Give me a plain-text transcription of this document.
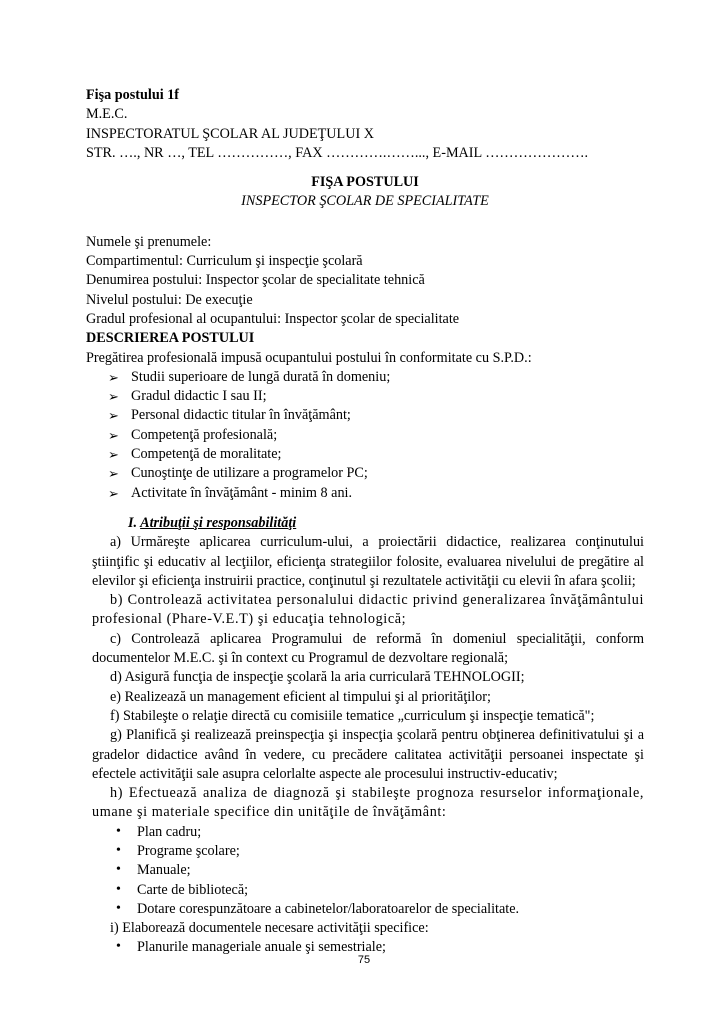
Fişa postului 1f
M.E.C.
INSPECTORATUL ŞCOLAR AL JUDEŢULUI X
STR. …., NR …, TEL ……………, FAX ………….……..., E-MAIL ………………….
FIŞA POSTULUI
INSPECTOR ŞCOLAR DE SPECIALITATE
Numele şi prenumele:
Compartimentul: Curriculum şi inspecţie şcolară
Denumirea postului: Inspector şcolar de specialitate tehnică
Nivelul postului: De execuţie
Gradul profesional al ocupantului: Inspector şcolar de specialitate
DESCRIEREA POSTULUI
Pregătirea profesională impusă ocupantului postului în conformitate cu S.P.D.:
➢ Studii superioare de lungă durată în domeniu;
➢ Gradul didactic I sau II;
➢ Personal didactic titular în învăţământ;
➢ Competenţă profesională;
➢ Competenţă de moralitate;
➢ Cunoştinţe de utilizare a programelor PC;
➢ Activitate în învăţământ - minim 8 ani.
I. Atribuţii şi responsabilităţi
a) Urmăreşte aplicarea curriculum-ului, a proiectării didactice, realizarea conţinutului ştiinţific şi educativ al lecţiilor, eficienţa strategiilor folosite, evaluarea nivelului de pregătire al elevilor şi eficienţa instruirii practice, conţinutul şi rezultatele activităţii cu elevii în afara şcolii;
b) Controlează activitatea personalului didactic privind generalizarea învăţământului profesional (Phare-V.E.T) şi educaţia tehnologică;
c) Controlează aplicarea Programului de reformă în domeniul specialităţii, conform documentelor M.E.C. şi în context cu Programul de dezvoltare regională;
d) Asigură funcţia de inspecţie şcolară la aria curriculară TEHNOLOGII;
e) Realizează un management eficient al timpului şi al priorităţilor;
f) Stabileşte o relaţie directă cu comisiile tematice „curriculum şi inspecţie tematică";
g) Planifică şi realizează preinspecţia şi inspecţia şcolară pentru obţinerea definitivatului şi a gradelor didactice având în vedere, cu precădere calitatea activităţii persoanei inspectate şi efectele activităţii sale asupra celorlalte aspecte ale procesului instructiv-educativ;
h) Efectuează analiza de diagnoză şi stabileşte prognoza resurselor informaţionale, umane şi materiale specifice din unităţile de învăţământ:
• Plan cadru;
• Programe şcolare;
• Manuale;
• Carte de bibliotecă;
• Dotare corespunzătoare a cabinetelor/laboratoarelor de specialitate.
i) Elaborează documentele necesare activităţii specifice:
• Planurile manageriale anuale şi semestriale;
75
